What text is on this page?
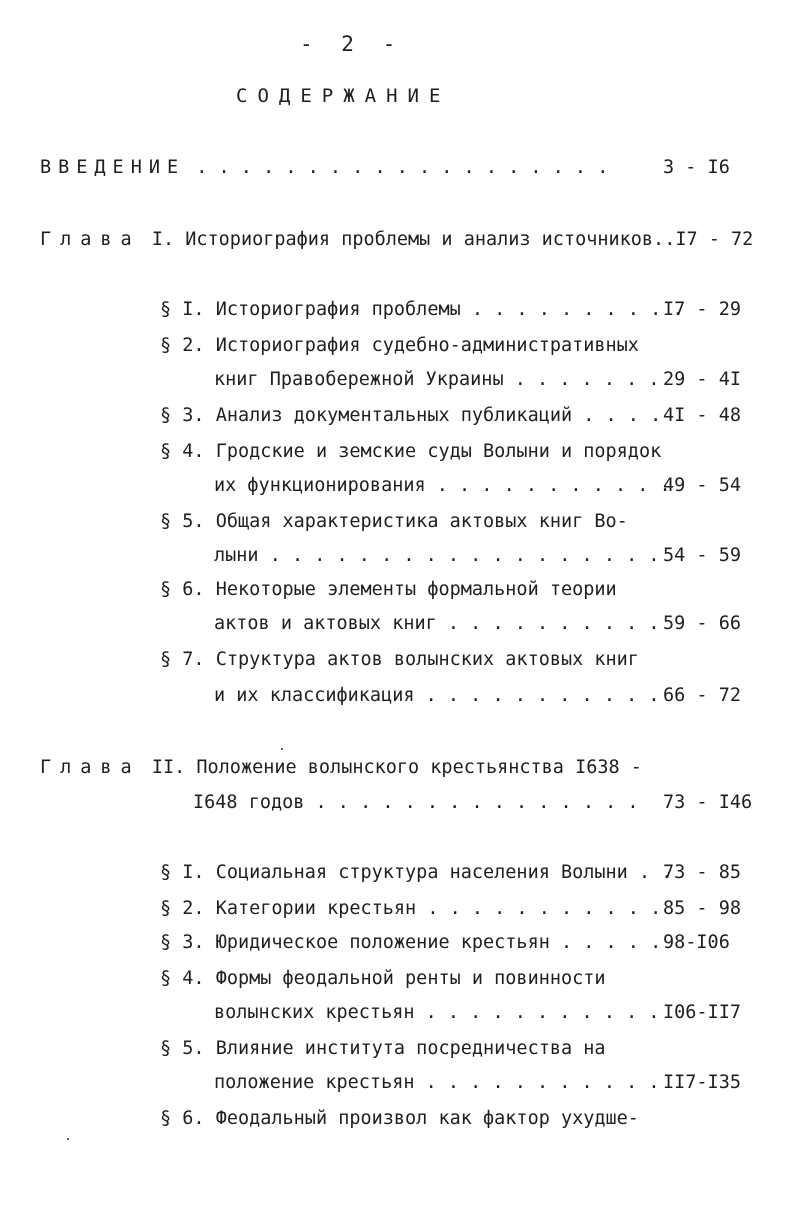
- 2 -
СОДЕРЖАНИЕ
ВВЕДЕНИЕ . . . . . . . . . . . . . . . . . . .	3 - I6
Глава I. Историография проблемы и анализ источников..I7 - 72
§ I. Историография проблемы . . . . . . . . . .
I7 - 29
§ 2. Историография судебно-административных
книг Правобережной Украины . . . . . . . 29 - 4I
§ 3. Анализ документальных публикаций . . . . 4I - 48
§ 4. Гродские и земские суды Волыни и порядок
их функционирования . . . . . . . . . . .
49 - 54
§ 5. Общая характеристика актовых книг Во-
лыни . . . . . . . . . . . . . . . . . . 54 - 59
§ 6. Некоторые элементы формальной теории
актов и актовых книг . . . . . . . . . . 59 - 66
§ 7. Структура актов волынских актовых книг
и их классификация . . . . . . . . . . . 66 - 72
Глава II. Положение волынского крестьянства I638 -
I648 годов . . . . . . . . . . . . . . . 73 - I46
§ I. Социальная структура населения Волыни . .
73 - 85
§ 2. Категории крестьян . . . . . . . . . . . 85 - 98
§ 3. Юридическое положение крестьян . . . . . 98-I06
§ 4. Формы феодальной ренты и повинности
волынских крестьян . . . . . . . . . . . I06-II7
§ 5. Влияние института посредничества на
положение крестьян . . . . . . . . . . . II7-I35
§ 6. Феодальный произвол как фактор ухудше-
